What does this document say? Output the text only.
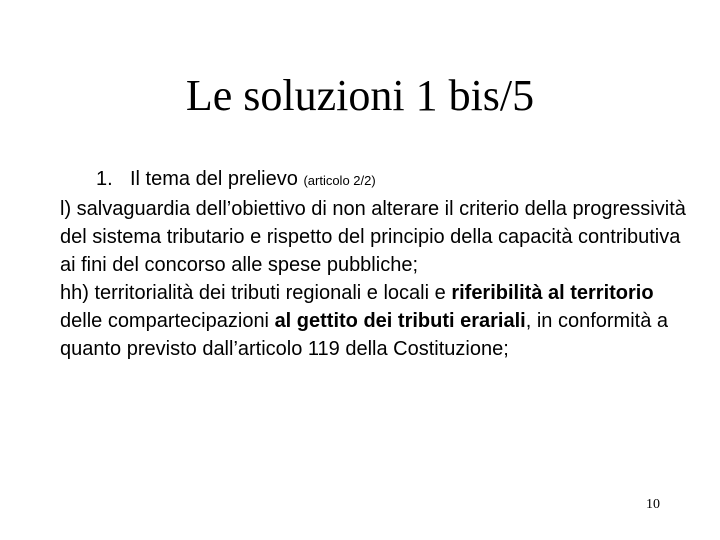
Le soluzioni 1 bis/5
1. Il tema del prelievo (articolo 2/2)

l) salvaguardia dell’obiettivo di non alterare il criterio della progressività del sistema tributario e rispetto del principio della capacità contributiva ai fini del concorso alle spese pubbliche;

hh) territorialità dei tributi regionali e locali e riferibilità al territorio delle compartecipazioni al gettito dei tributi erariali, in conformità a quanto previsto dall’articolo 119 della Costituzione;

10
